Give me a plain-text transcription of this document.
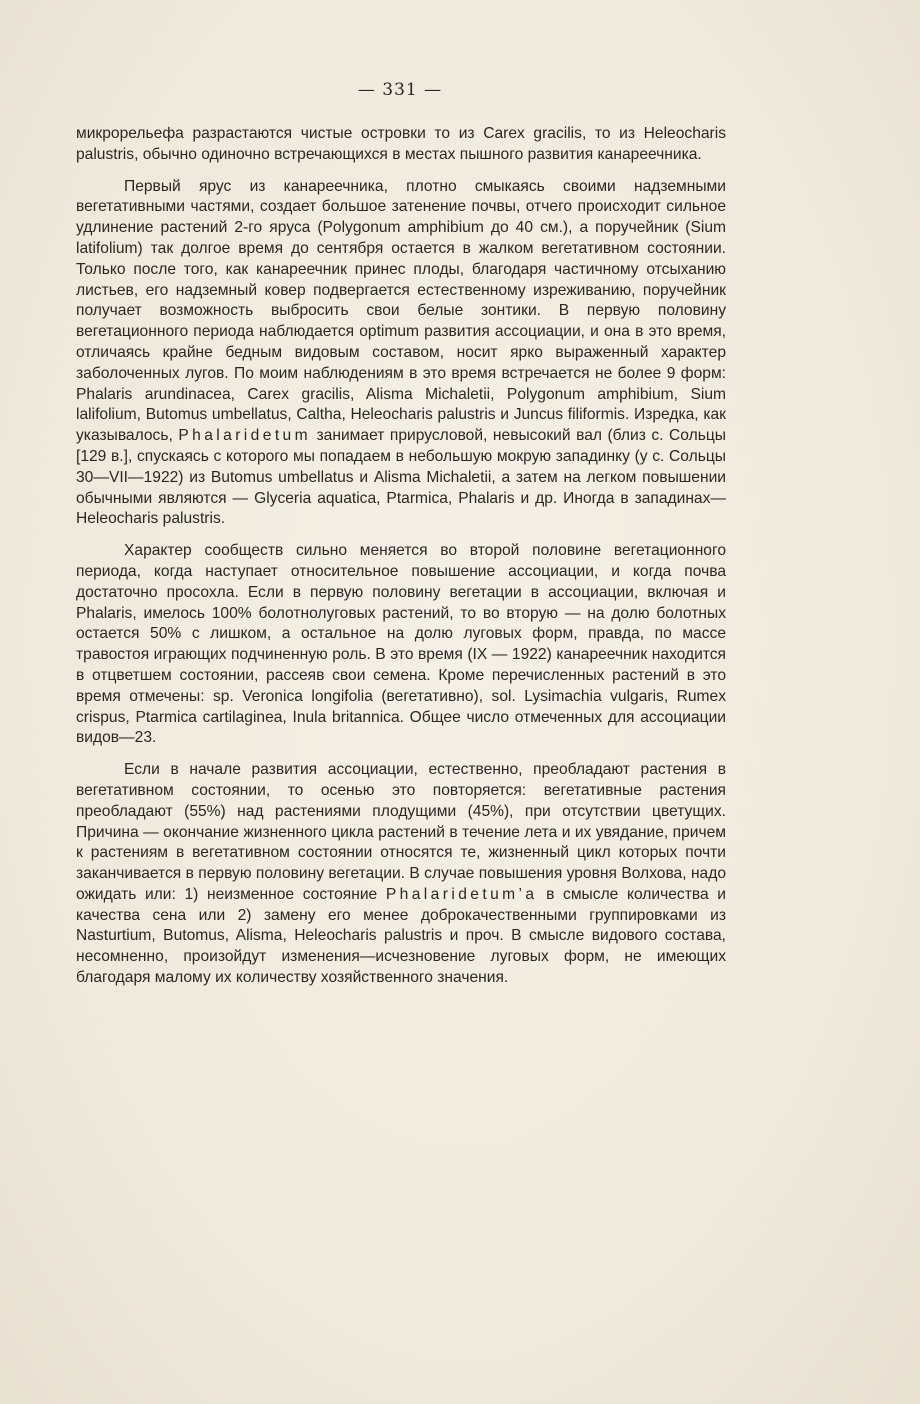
— 331 —

микрорельефа разрастаются чистые островки то из Carex gracilis, то из Heleocharis palustris, обычно одиночно встречающихся в местах пышного развития канареечника.

Первый ярус из канареечника, плотно смыкаясь своими надземными вегетативными частями, создает большое затенение почвы, отчего происходит сильное удлинение растений 2-го яруса (Polygonum amphibium до 40 см.), а поручейник (Sium latifolium) так долгое время до сентября остается в жалком вегетативном состоянии. Только после того, как канареечник принес плоды, благодаря частичному отсыханию листьев, его надземный ковер подвергается естественному изреживанию, поручейник получает возможность выбросить свои белые зонтики. В первую половину вегетационного периода наблюдается optimum развития ассоциации, и она в это время, отличаясь крайне бедным видовым составом, носит ярко выраженный характер заболоченных лугов. По моим наблюдениям в это время встречается не более 9 форм: Phalaris arundinacea, Carex gracilis, Alisma Michaletii, Polygonum amphibium, Sium lalifolium, Butomus umbellatus, Caltha, Heleocharis palustris и Juncus filiformis. Изредка, как указывалось, Phalaridetum занимает прирусловой, невысокий вал (близ с. Сольцы [129 в.], спускаясь с которого мы попадаем в небольшую мокрую западинку (у с. Сольцы 30—VII—1922) из Butomus umbellatus и Alisma Michaletii, а затем на легком повышении обычными являются — Glyceria aquatica, Ptarmica, Phalaris и др. Иногда в западинах—Heleocharis palustris.

Характер сообществ сильно меняется во второй половине вегетационного периода, когда наступает относительное повышение ассоциации, и когда почва достаточно просохла. Если в первую половину вегетации в ассоциации, включая и Phalaris, имелось 100% болотнолуговых растений, то во вторую — на долю болотных остается 50% с лишком, а остальное на долю луговых форм, правда, по массе травостоя играющих подчиненную роль. В это время (IX — 1922) канареечник находится в отцветшем состоянии, рассеяв свои семена. Кроме перечисленных растений в это время отмечены: sp. Veronica longifolia (вегетативно), sol. Lysimachia vulgaris, Rumex crispus, Ptarmica cartilaginea, Inula britannica. Общее число отмеченных для ассоциации видов—23.

Если в начале развития ассоциации, естественно, преобладают растения в вегетативном состоянии, то осенью это повторяется: вегетативные растения преобладают (55%) над растениями плодущими (45%), при отсутствии цветущих. Причина — окончание жизненного цикла растений в течение лета и их увядание, причем к растениям в вегетативном состоянии относятся те, жизненный цикл которых почти заканчивается в первую половину вегетации. В случае повышения уровня Волхова, надо ожидать или: 1) неизменное состояние Phalaridetum’a в смысле количества и качества сена или 2) замену его менее доброкачественными группировками из Nasturtium, Butomus, Alisma, Heleocharis palustris и проч. В смысле видового состава, несомненно, произойдут изменения—исчезновение луговых форм, не имеющих благодаря малому их количеству хозяйственного значения.
